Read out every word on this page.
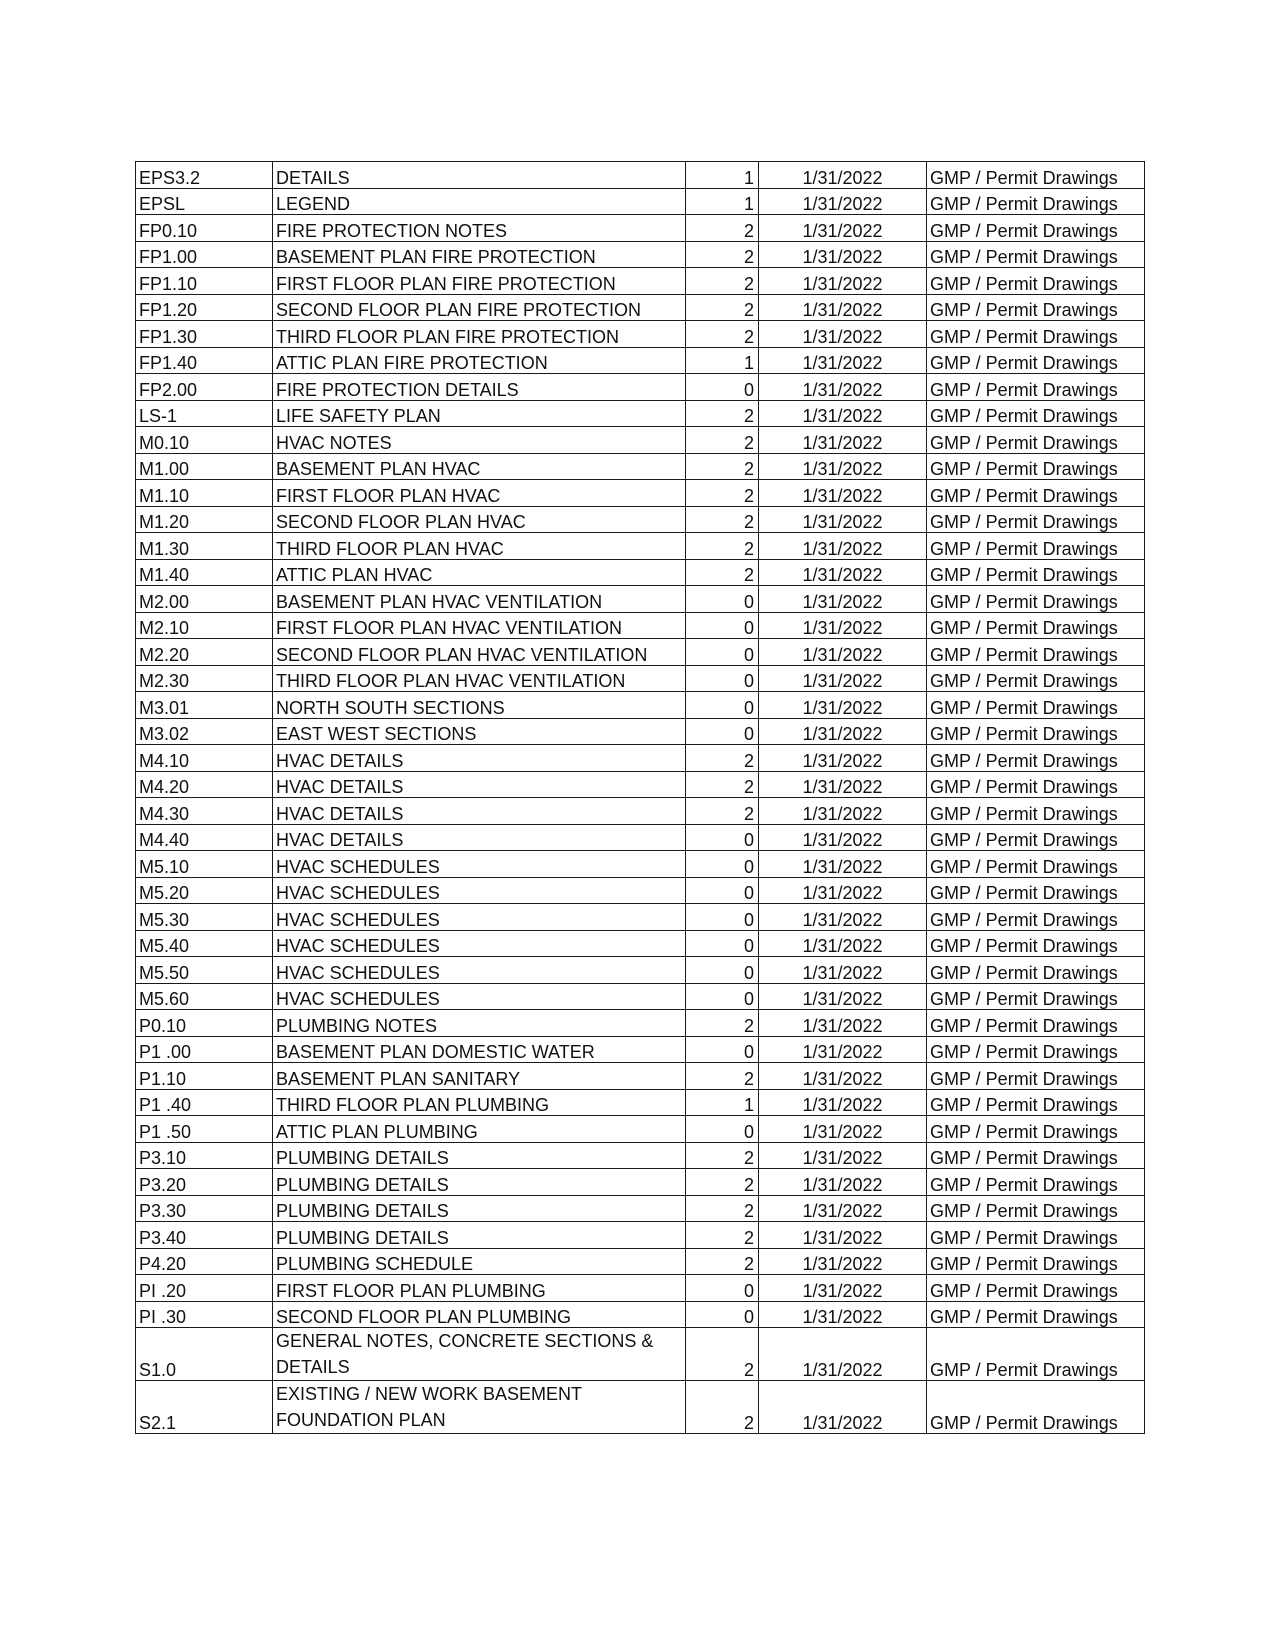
EPS3.2	DETAILS	1	1/31/2022	GMP / Permit Drawings
EPSL	LEGEND	1	1/31/2022	GMP / Permit Drawings
FP0.10	FIRE PROTECTION NOTES	2	1/31/2022	GMP / Permit Drawings
FP1.00	BASEMENT PLAN FIRE PROTECTION	2	1/31/2022	GMP / Permit Drawings
FP1.10	FIRST FLOOR PLAN FIRE PROTECTION	2	1/31/2022	GMP / Permit Drawings
FP1.20	SECOND FLOOR PLAN FIRE PROTECTION	2	1/31/2022	GMP / Permit Drawings
FP1.30	THIRD FLOOR PLAN FIRE PROTECTION	2	1/31/2022	GMP / Permit Drawings
FP1.40	ATTIC PLAN FIRE PROTECTION	1	1/31/2022	GMP / Permit Drawings
FP2.00	FIRE PROTECTION DETAILS	0	1/31/2022	GMP / Permit Drawings
LS-1	LIFE SAFETY PLAN	2	1/31/2022	GMP / Permit Drawings
M0.10	HVAC NOTES	2	1/31/2022	GMP / Permit Drawings
M1.00	BASEMENT PLAN HVAC	2	1/31/2022	GMP / Permit Drawings
M1.10	FIRST FLOOR PLAN HVAC	2	1/31/2022	GMP / Permit Drawings
M1.20	SECOND FLOOR PLAN HVAC	2	1/31/2022	GMP / Permit Drawings
M1.30	THIRD FLOOR PLAN HVAC	2	1/31/2022	GMP / Permit Drawings
M1.40	ATTIC PLAN HVAC	2	1/31/2022	GMP / Permit Drawings
M2.00	BASEMENT PLAN HVAC VENTILATION	0	1/31/2022	GMP / Permit Drawings
M2.10	FIRST FLOOR PLAN HVAC VENTILATION	0	1/31/2022	GMP / Permit Drawings
M2.20	SECOND FLOOR PLAN HVAC VENTILATION	0	1/31/2022	GMP / Permit Drawings
M2.30	THIRD FLOOR PLAN HVAC VENTILATION	0	1/31/2022	GMP / Permit Drawings
M3.01	NORTH SOUTH SECTIONS	0	1/31/2022	GMP / Permit Drawings
M3.02	EAST WEST SECTIONS	0	1/31/2022	GMP / Permit Drawings
M4.10	HVAC DETAILS	2	1/31/2022	GMP / Permit Drawings
M4.20	HVAC DETAILS	2	1/31/2022	GMP / Permit Drawings
M4.30	HVAC DETAILS	2	1/31/2022	GMP / Permit Drawings
M4.40	HVAC DETAILS	0	1/31/2022	GMP / Permit Drawings
M5.10	HVAC SCHEDULES	0	1/31/2022	GMP / Permit Drawings
M5.20	HVAC SCHEDULES	0	1/31/2022	GMP / Permit Drawings
M5.30	HVAC SCHEDULES	0	1/31/2022	GMP / Permit Drawings
M5.40	HVAC SCHEDULES	0	1/31/2022	GMP / Permit Drawings
M5.50	HVAC SCHEDULES	0	1/31/2022	GMP / Permit Drawings
M5.60	HVAC SCHEDULES	0	1/31/2022	GMP / Permit Drawings
P0.10	PLUMBING NOTES	2	1/31/2022	GMP / Permit Drawings
P1 .00	BASEMENT PLAN DOMESTIC WATER	0	1/31/2022	GMP / Permit Drawings
P1.10	BASEMENT PLAN SANITARY	2	1/31/2022	GMP / Permit Drawings
P1 .40	THIRD FLOOR PLAN PLUMBING	1	1/31/2022	GMP / Permit Drawings
P1 .50	ATTIC PLAN PLUMBING	0	1/31/2022	GMP / Permit Drawings
P3.10	PLUMBING DETAILS	2	1/31/2022	GMP / Permit Drawings
P3.20	PLUMBING DETAILS	2	1/31/2022	GMP / Permit Drawings
P3.30	PLUMBING DETAILS	2	1/31/2022	GMP / Permit Drawings
P3.40	PLUMBING DETAILS	2	1/31/2022	GMP / Permit Drawings
P4.20	PLUMBING SCHEDULE	2	1/31/2022	GMP / Permit Drawings
PI .20	FIRST FLOOR PLAN PLUMBING	0	1/31/2022	GMP / Permit Drawings
PI .30	SECOND FLOOR PLAN PLUMBING	0	1/31/2022	GMP / Permit Drawings
S1.0	GENERAL NOTES, CONCRETE SECTIONS & DETAILS	2	1/31/2022	GMP / Permit Drawings
S2.1	EXISTING / NEW WORK BASEMENT FOUNDATION PLAN	2	1/31/2022	GMP / Permit Drawings
